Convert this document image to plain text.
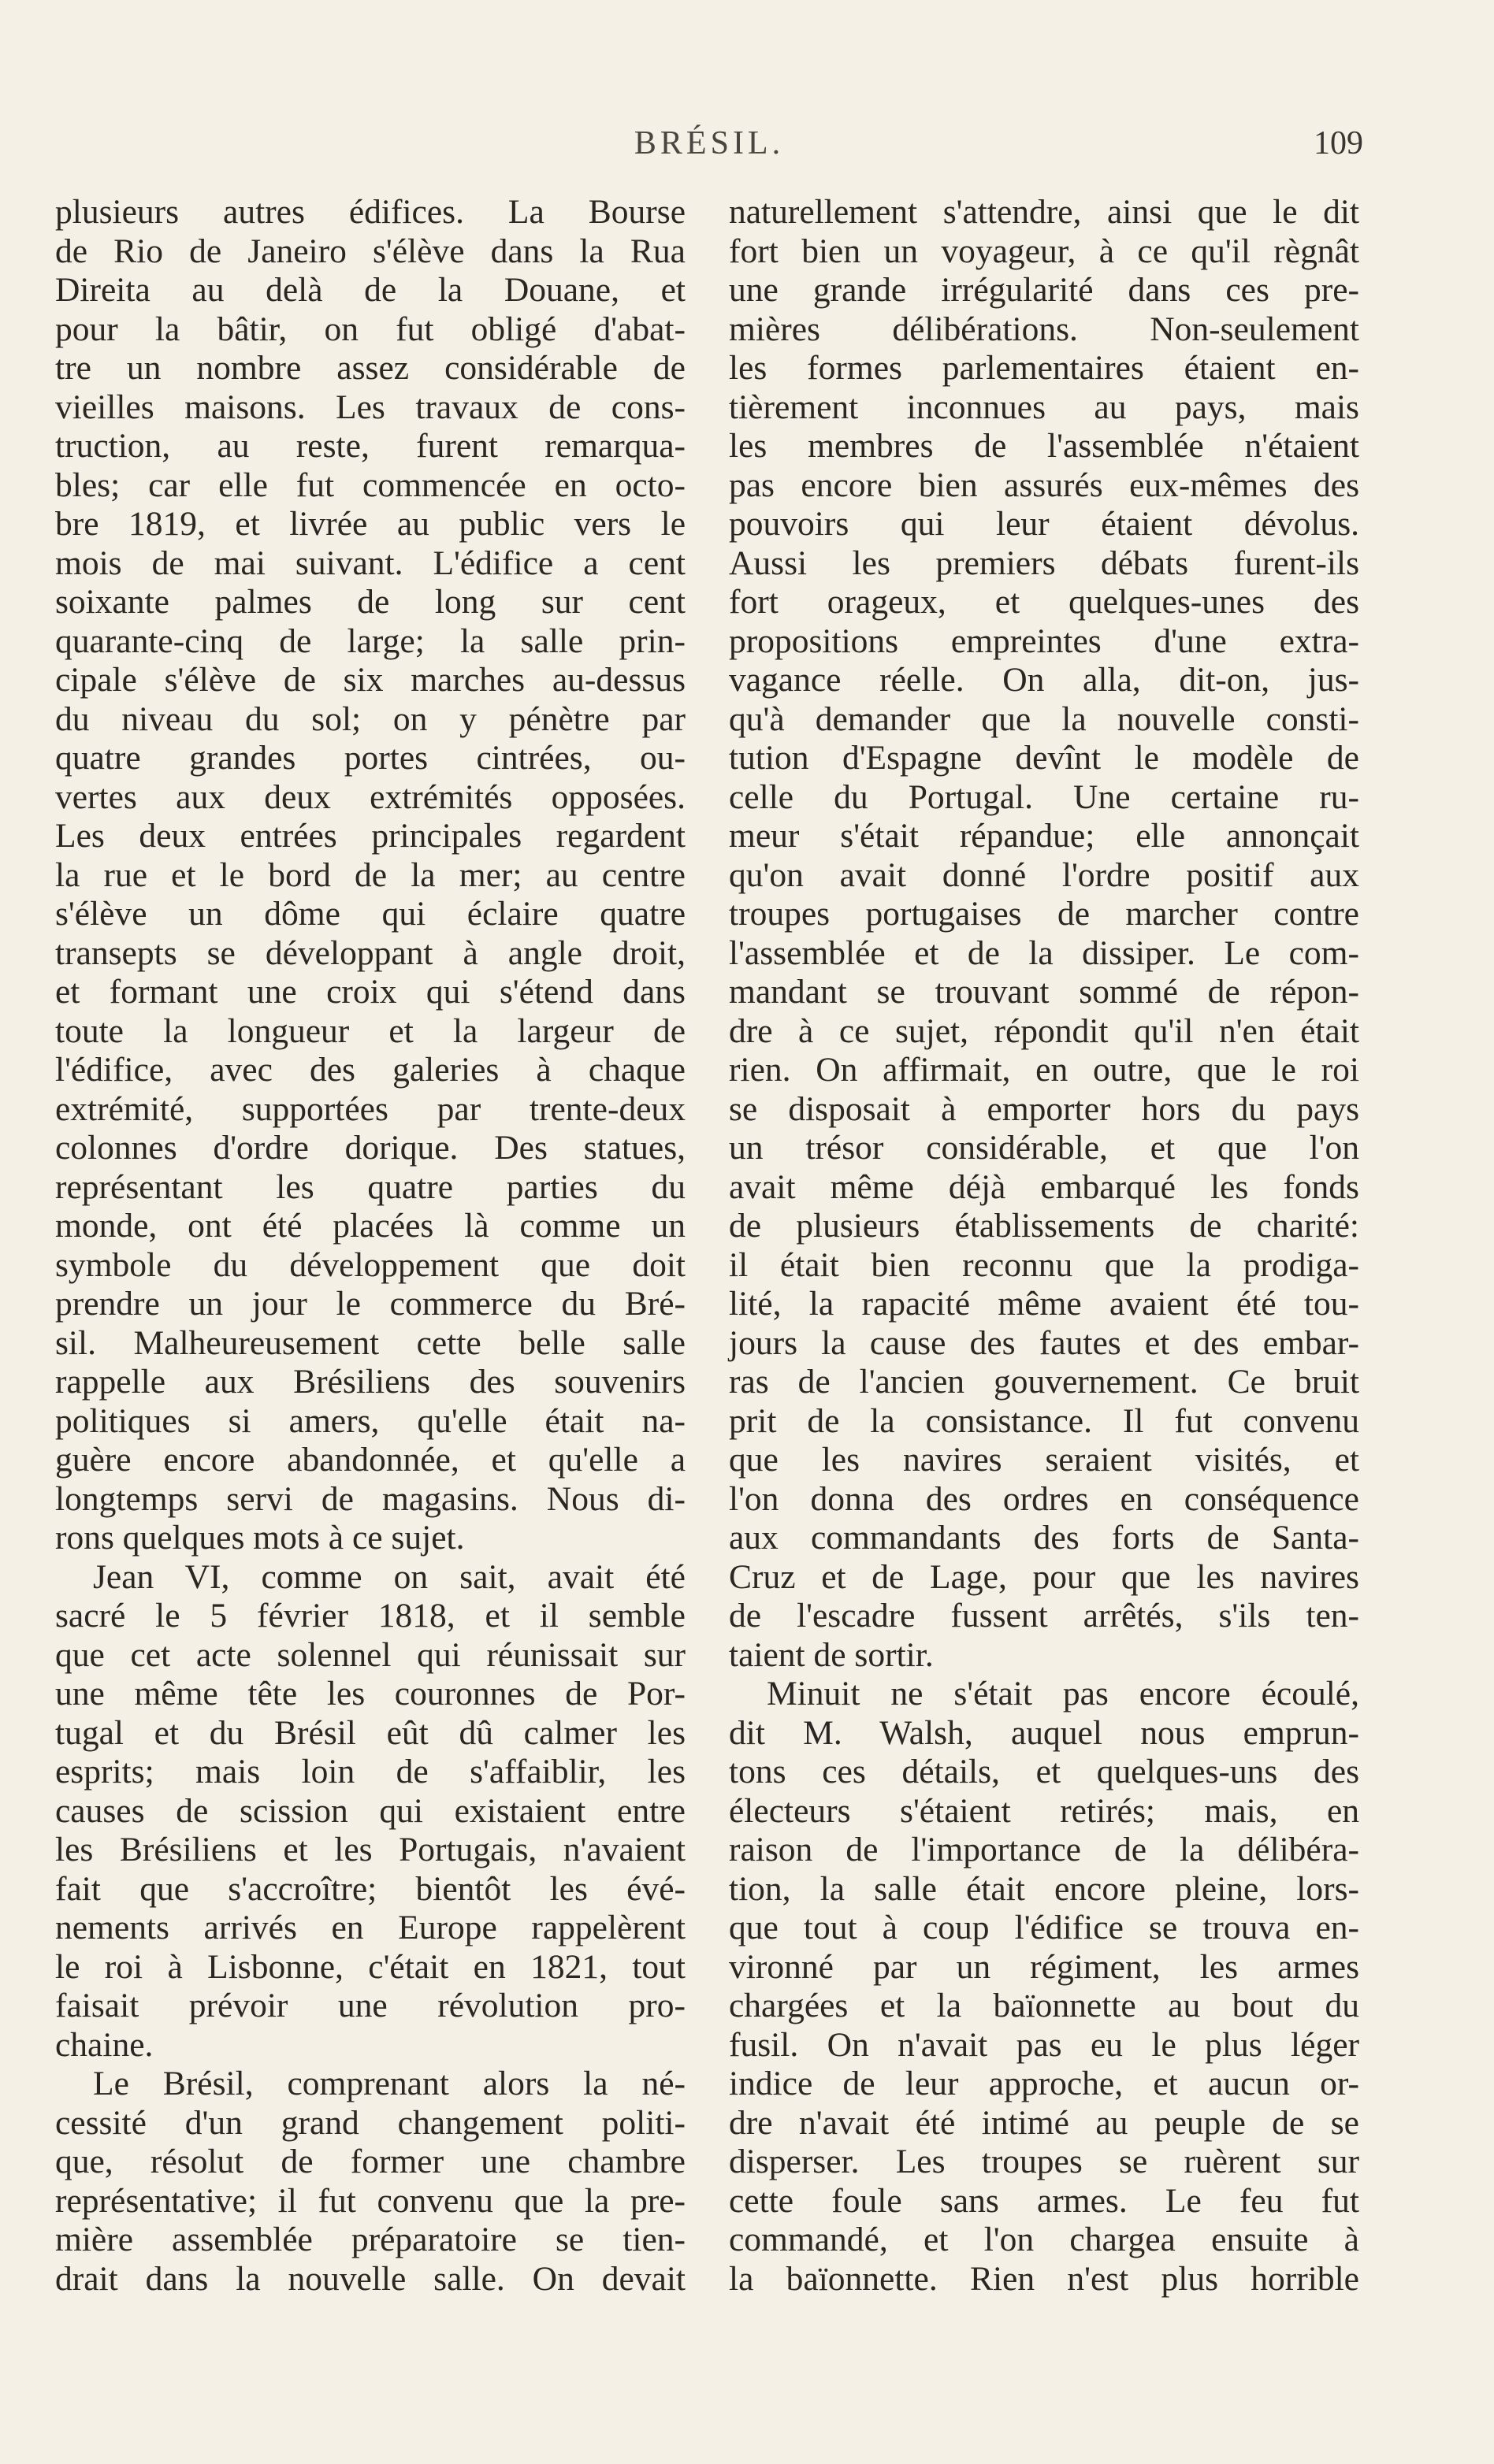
BRÉSIL.	109
plusieurs autres édifices. La Bourse
de Rio de Janeiro s'élève dans la Rua
Direita au delà de la Douane, et
pour la bâtir, on fut obligé d'abat-
tre un nombre assez considérable de
vieilles maisons. Les travaux de cons-
truction, au reste, furent remarqua-
bles; car elle fut commencée en octo-
bre 1819, et livrée au public vers le
mois de mai suivant. L'édifice a cent
soixante palmes de long sur cent
quarante-cinq de large; la salle prin-
cipale s'élève de six marches au-dessus
du niveau du sol; on y pénètre par
quatre grandes portes cintrées, ou-
vertes aux deux extrémités opposées.
Les deux entrées principales regardent
la rue et le bord de la mer; au centre
s'élève un dôme qui éclaire quatre
transepts se développant à angle droit,
et formant une croix qui s'étend dans
toute la longueur et la largeur de
l'édifice, avec des galeries à chaque
extrémité, supportées par trente-deux
colonnes d'ordre dorique. Des statues,
représentant les quatre parties du
monde, ont été placées là comme un
symbole du développement que doit
prendre un jour le commerce du Bré-
sil. Malheureusement cette belle salle
rappelle aux Brésiliens des souvenirs
politiques si amers, qu'elle était na-
guère encore abandonnée, et qu'elle a
longtemps servi de magasins. Nous di-
rons quelques mots à ce sujet.
Jean VI, comme on sait, avait été
sacré le 5 février 1818, et il semble
que cet acte solennel qui réunissait sur
une même tête les couronnes de Por-
tugal et du Brésil eût dû calmer les
esprits; mais loin de s'affaiblir, les
causes de scission qui existaient entre
les Brésiliens et les Portugais, n'avaient
fait que s'accroître; bientôt les évé-
nements arrivés en Europe rappelèrent
le roi à Lisbonne, c'était en 1821, tout
faisait prévoir une révolution pro-
chaine.
Le Brésil, comprenant alors la né-
cessité d'un grand changement politi-
que, résolut de former une chambre
représentative; il fut convenu que la pre-
mière assemblée préparatoire se tien-
drait dans la nouvelle salle. On devait
naturellement s'attendre, ainsi que le dit
fort bien un voyageur, à ce qu'il règnât
une grande irrégularité dans ces pre-
mières délibérations. Non-seulement
les formes parlementaires étaient en-
tièrement inconnues au pays, mais
les membres de l'assemblée n'étaient
pas encore bien assurés eux-mêmes des
pouvoirs qui leur étaient dévolus.
Aussi les premiers débats furent-ils
fort orageux, et quelques-unes des
propositions empreintes d'une extra-
vagance réelle. On alla, dit-on, jus-
qu'à demander que la nouvelle consti-
tution d'Espagne devînt le modèle de
celle du Portugal. Une certaine ru-
meur s'était répandue; elle annonçait
qu'on avait donné l'ordre positif aux
troupes portugaises de marcher contre
l'assemblée et de la dissiper. Le com-
mandant se trouvant sommé de répon-
dre à ce sujet, répondit qu'il n'en était
rien. On affirmait, en outre, que le roi
se disposait à emporter hors du pays
un trésor considérable, et que l'on
avait même déjà embarqué les fonds
de plusieurs établissements de charité:
il était bien reconnu que la prodiga-
lité, la rapacité même avaient été tou-
jours la cause des fautes et des embar-
ras de l'ancien gouvernement. Ce bruit
prit de la consistance. Il fut convenu
que les navires seraient visités, et
l'on donna des ordres en conséquence
aux commandants des forts de Santa-
Cruz et de Lage, pour que les navires
de l'escadre fussent arrêtés, s'ils ten-
taient de sortir.
Minuit ne s'était pas encore écoulé,
dit M. Walsh, auquel nous emprun-
tons ces détails, et quelques-uns des
électeurs s'étaient retirés; mais, en
raison de l'importance de la délibéra-
tion, la salle était encore pleine, lors-
que tout à coup l'édifice se trouva en-
vironné par un régiment, les armes
chargées et la baïonnette au bout du
fusil. On n'avait pas eu le plus léger
indice de leur approche, et aucun or-
dre n'avait été intimé au peuple de se
disperser. Les troupes se ruèrent sur
cette foule sans armes. Le feu fut
commandé, et l'on chargea ensuite à
la baïonnette. Rien n'est plus horrible
